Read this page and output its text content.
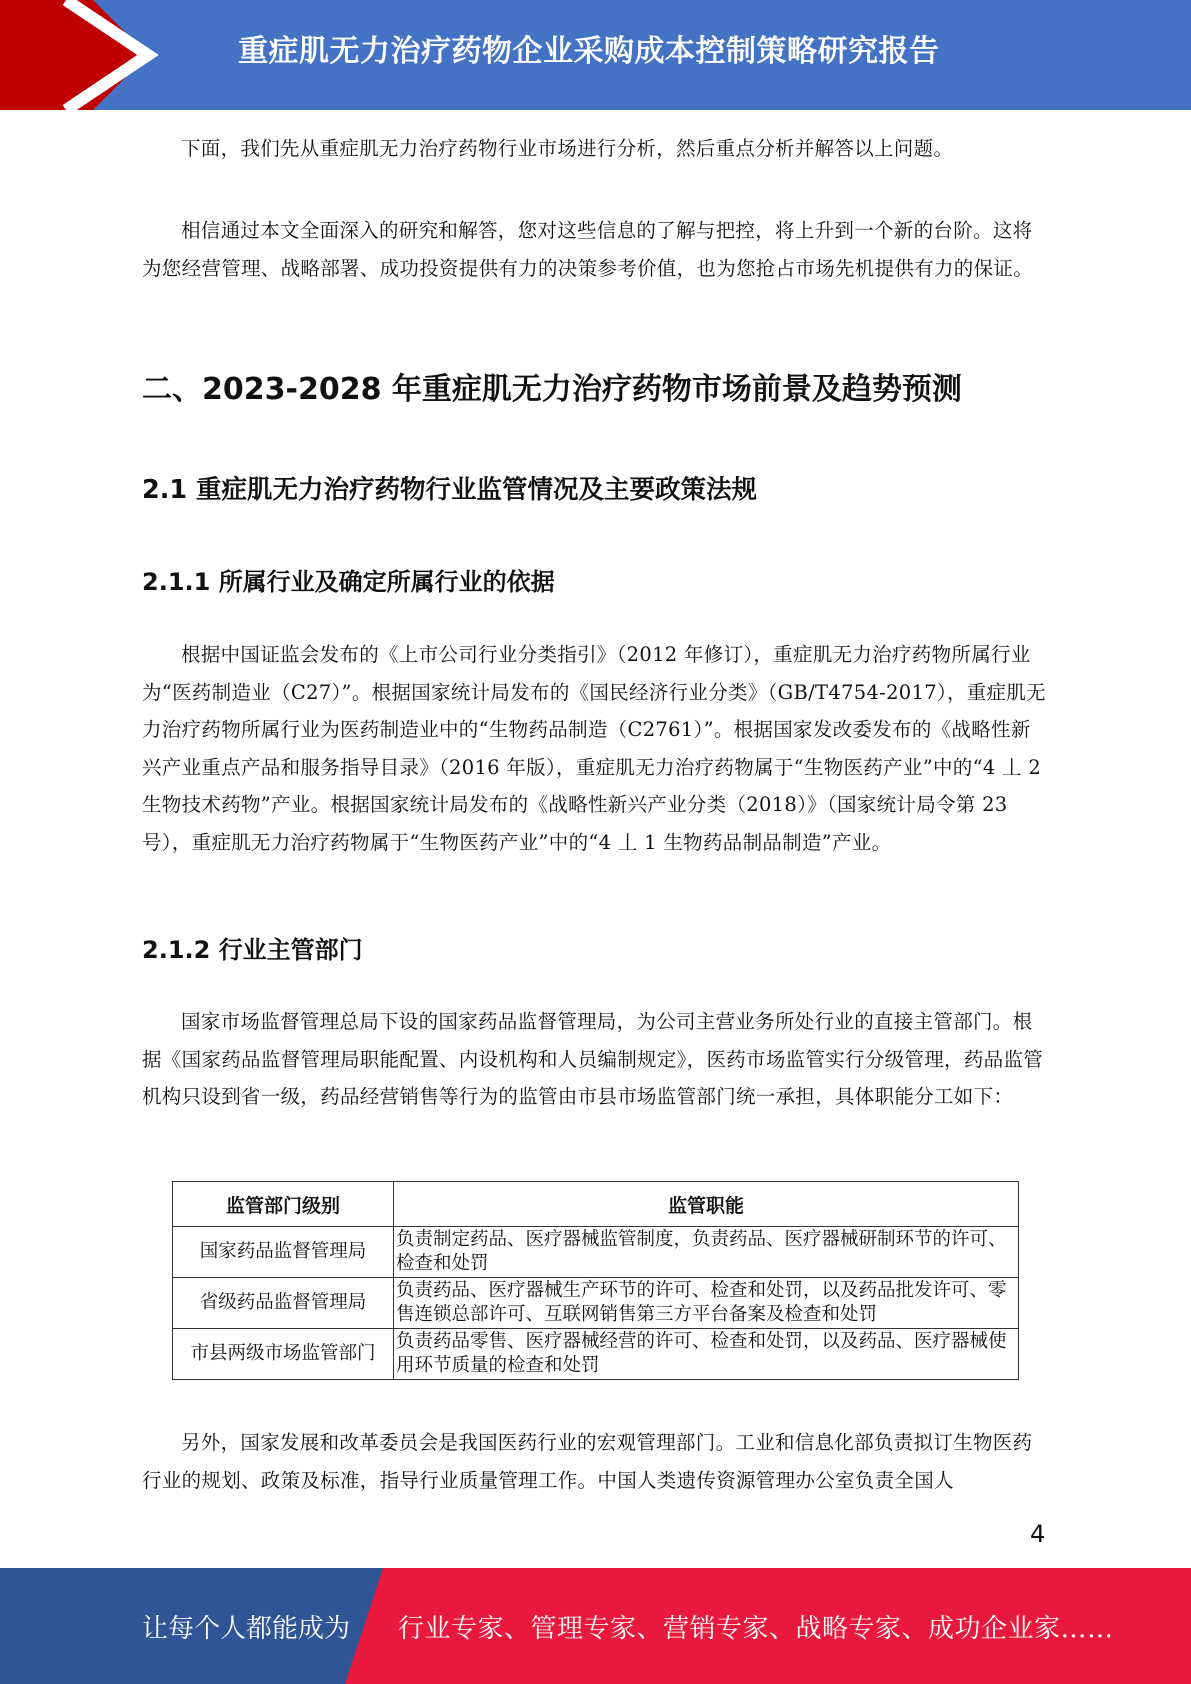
重症肌无力治疗药物企业采购成本控制策略研究报告

下面，我们先从重症肌无力治疗药物行业市场进行分析，然后重点分析并解答以上问题。

相信通过本文全面深入的研究和解答，您对这些信息的了解与把控，将上升到一个新的台阶。这将为您经营管理、战略部署、成功投资提供有力的决策参考价值，也为您抢占市场先机提供有力的保证。

二、2023-2028 年重症肌无力治疗药物市场前景及趋势预测
2.1 重症肌无力治疗药物行业监管情况及主要政策法规
2.1.1 所属行业及确定所属行业的依据

根据中国证监会发布的《上市公司行业分类指引》（2012 年修订），重症肌无力治疗药物所属行业为“医药制造业（C27）”。根据国家统计局发布的《国民经济行业分类》（GB/T4754-2017），重症肌无力治疗药物所属行业为医药制造业中的“生物药品制造（C2761）”。根据国家发改委发布的《战略性新兴产业重点产品和服务指导目录》（2016 年版），重症肌无力治疗药物属于“生物医药产业”中的“4 丄 2 生物技术药物”产业。根据国家统计局发布的《战略性新兴产业分类（2018）》（国家统计局令第 23 号），重症肌无力治疗药物属于“生物医药产业”中的“4 丄 1 生物药品制品制造”产业。

2.1.2 行业主管部门

国家市场监督管理总局下设的国家药品监督管理局，为公司主营业务所处行业的直接主管部门。根据《国家药品监督管理局职能配置、内设机构和人员编制规定》，医药市场监管实行分级管理，药品监管机构只设到省一级，药品经营销售等行为的监管由市县市场监管部门统一承担，具体职能分工如下：

监管部门级别	监管职能
国家药品监督管理局	负责制定药品、医疗器械监管制度，负责药品、医疗器械研制环节的许可、检查和处罚
省级药品监督管理局	负责药品、医疗器械生产环节的许可、检查和处罚，以及药品批发许可、零售连锁总部许可、互联网销售第三方平台备案及检查和处罚
市县两级市场监管部门	负责药品零售、医疗器械经营的许可、检查和处罚，以及药品、医疗器械使用环节质量的检查和处罚

另外，国家发展和改革委员会是我国医药行业的宏观管理部门。工业和信息化部负责拟订生物医药行业的规划、政策及标准，指导行业质量管理工作。中国人类遗传资源管理办公室负责全国人

4
让每个人都能成为 行业专家、管理专家、营销专家、战略专家、成功企业家……
